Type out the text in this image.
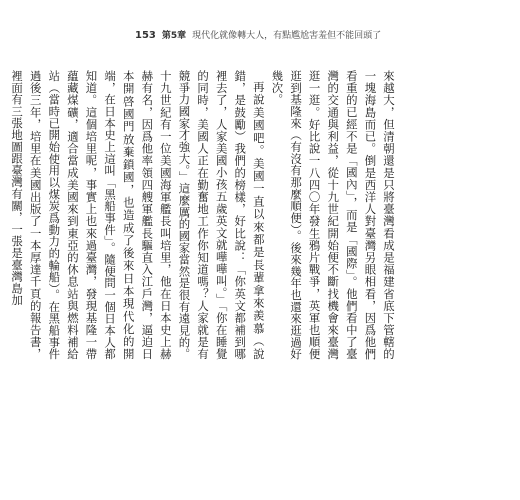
153 第5章 現代化就像轉大人，有點尷尬害羞但不能回頭了

來越大，但清朝還是只將臺灣看成是福建省底下管轄的一塊海島而已。倒是西洋人對臺灣另眼相看，因爲他們看重的已經不是「國內」，而是「國際」。他們看中了臺灣的交通與利益，從十九世紀開始便不斷找機會來臺灣逛一逛。好比說一八四〇年發生鴉片戰爭，英軍也順便逛到基隆來（有沒有那麼順便）。後來幾年也還來逛過好幾次。

再說美國吧。美國一直以來都是長輩拿來羨慕（說錯，是鼓勵）我們的榜樣，好比說：「你英文都補到哪裡去了，人家美國小孩五歲英文就嘩嘩叫。」「你在睡覺的同時，美國人正在勤奮地工作你知道嗎？人家就是有競爭力國家才強大。」這麼厲的國家當然是很有遠見的。十九世紀有一位美國海軍艦長叫培里，他在日本史上赫赫有名，因爲他率領四艘軍艦長驅直入江戶灣，逼迫日本開啓國門放棄鎖國，也造成了後來日本現代化的開端，在日本史上這叫「黑船事件」。隨便問一個日本人都知道。這個培里呢，事實上也來過臺灣，發現基隆一帶蘊藏煤礦，適合當成美國來到東亞的休息站與燃料補給站（當時已開始使用以煤炭爲動力的輪船）。在黑船事件過後三年，培里在美國出版了一本厚達千頁的報告書，裡面有三張地圖跟臺灣有關，一張是臺灣島加
